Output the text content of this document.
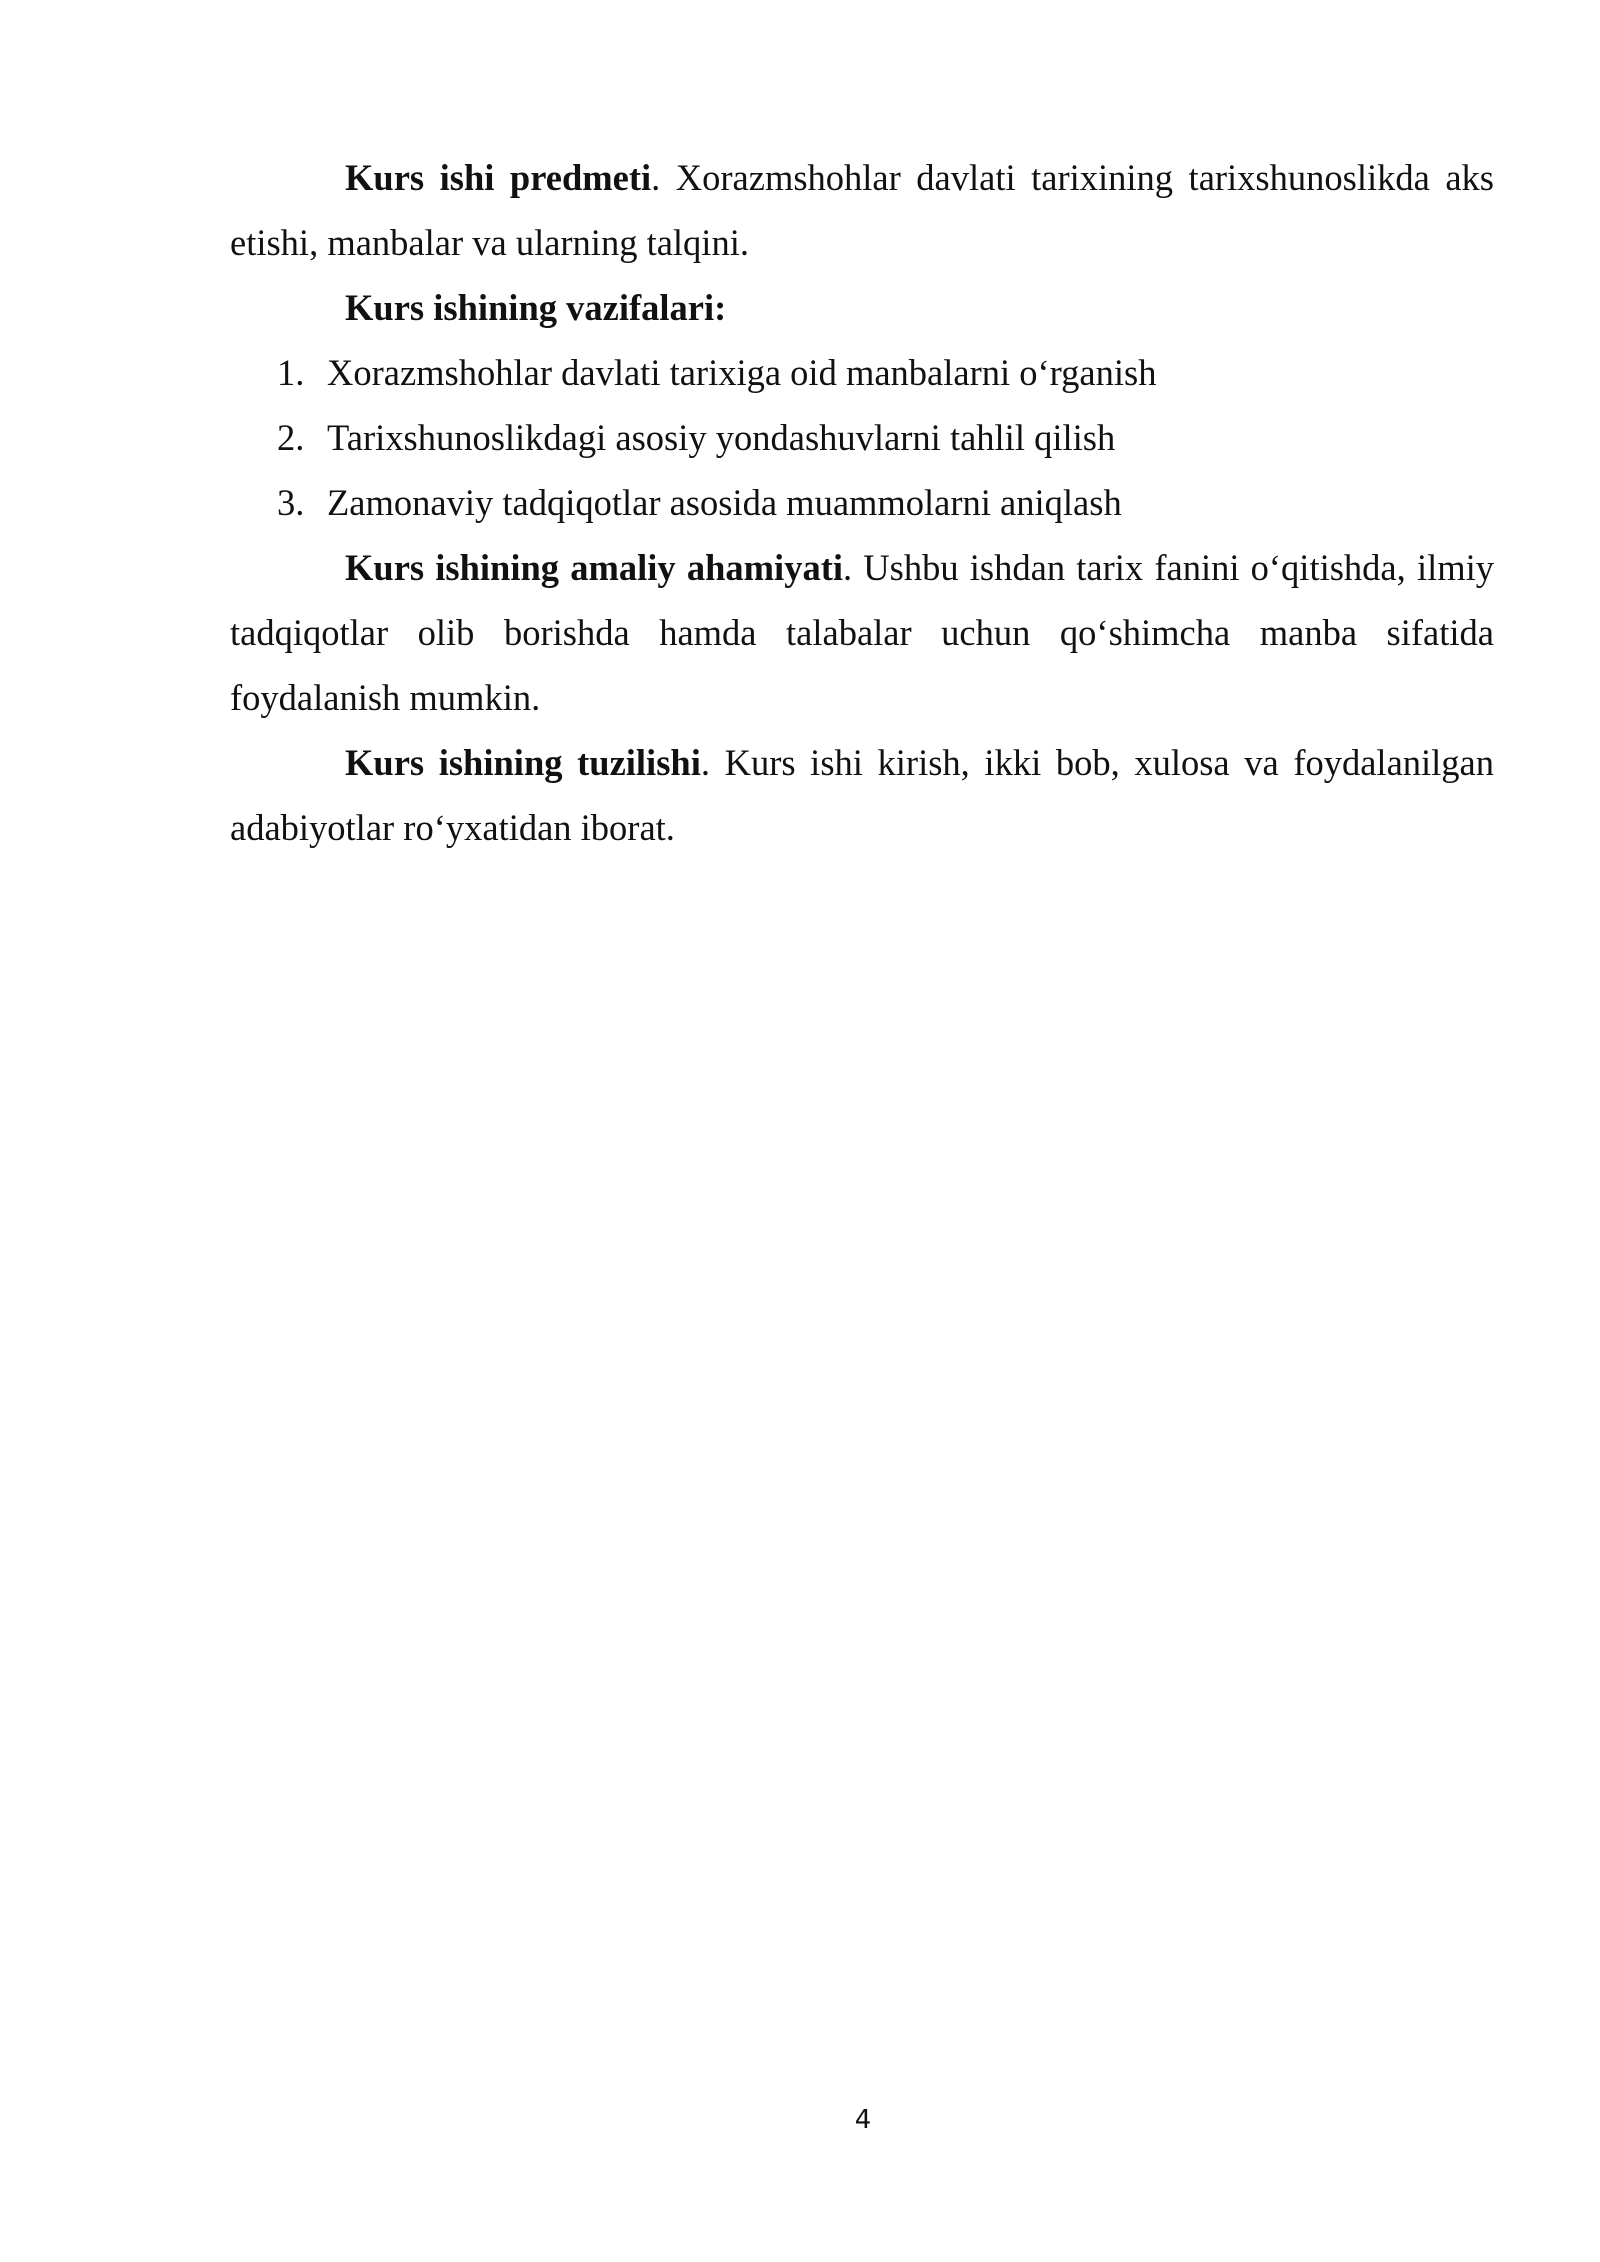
Kurs ishi predmeti. Xorazmshohlar davlati tarixining tarixshunoslikda aks etishi, manbalar va ularning talqini.

Kurs ishining vazifalari:

1. Xorazmshohlar davlati tarixiga oid manbalarni o‘rganish
2. Tarixshunoslikdagi asosiy yondashuvlarni tahlil qilish
3. Zamonaviy tadqiqotlar asosida muammolarni aniqlash

Kurs ishining amaliy ahamiyati. Ushbu ishdan tarix fanini o‘qitishda, ilmiy tadqiqotlar olib borishda hamda talabalar uchun qo‘shimcha manba sifatida foydalanish mumkin.

Kurs ishining tuzilishi. Kurs ishi kirish, ikki bob, xulosa va foydalanilgan adabiyotlar ro‘yxatidan iborat.

4
